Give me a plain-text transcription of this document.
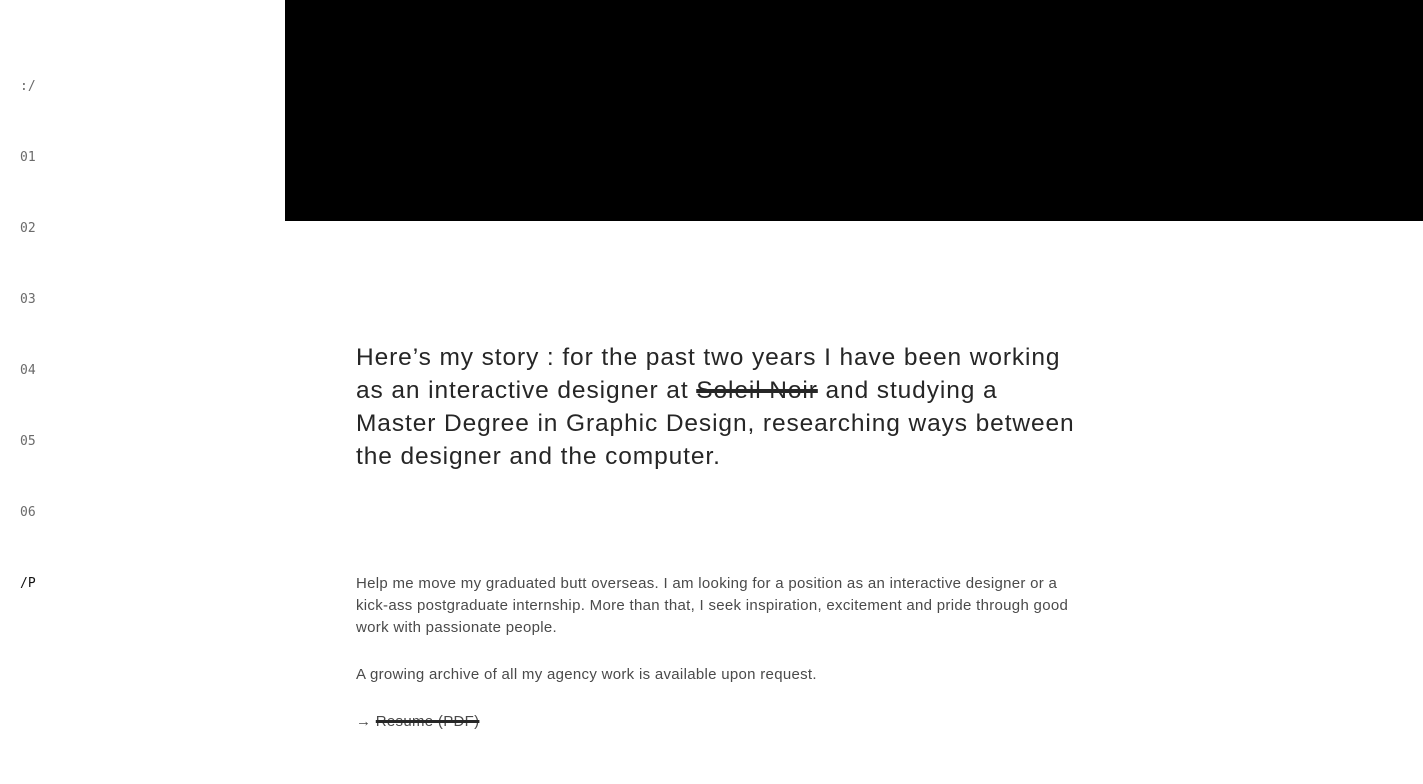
:/
01
02
03
04
05
06
/P

Here’s my story : for the past two years I have been working as an interactive designer at Soleil Noir and studying a Master Degree in Graphic Design, researching ways between the designer and the computer.

Help me move my graduated butt overseas. I am looking for a position as an interactive designer or a kick-ass postgraduate internship. More than that, I seek inspiration, excitement and pride through good work with passionate people.

A growing archive of all my agency work is available upon request.

→ Resume (PDF)
